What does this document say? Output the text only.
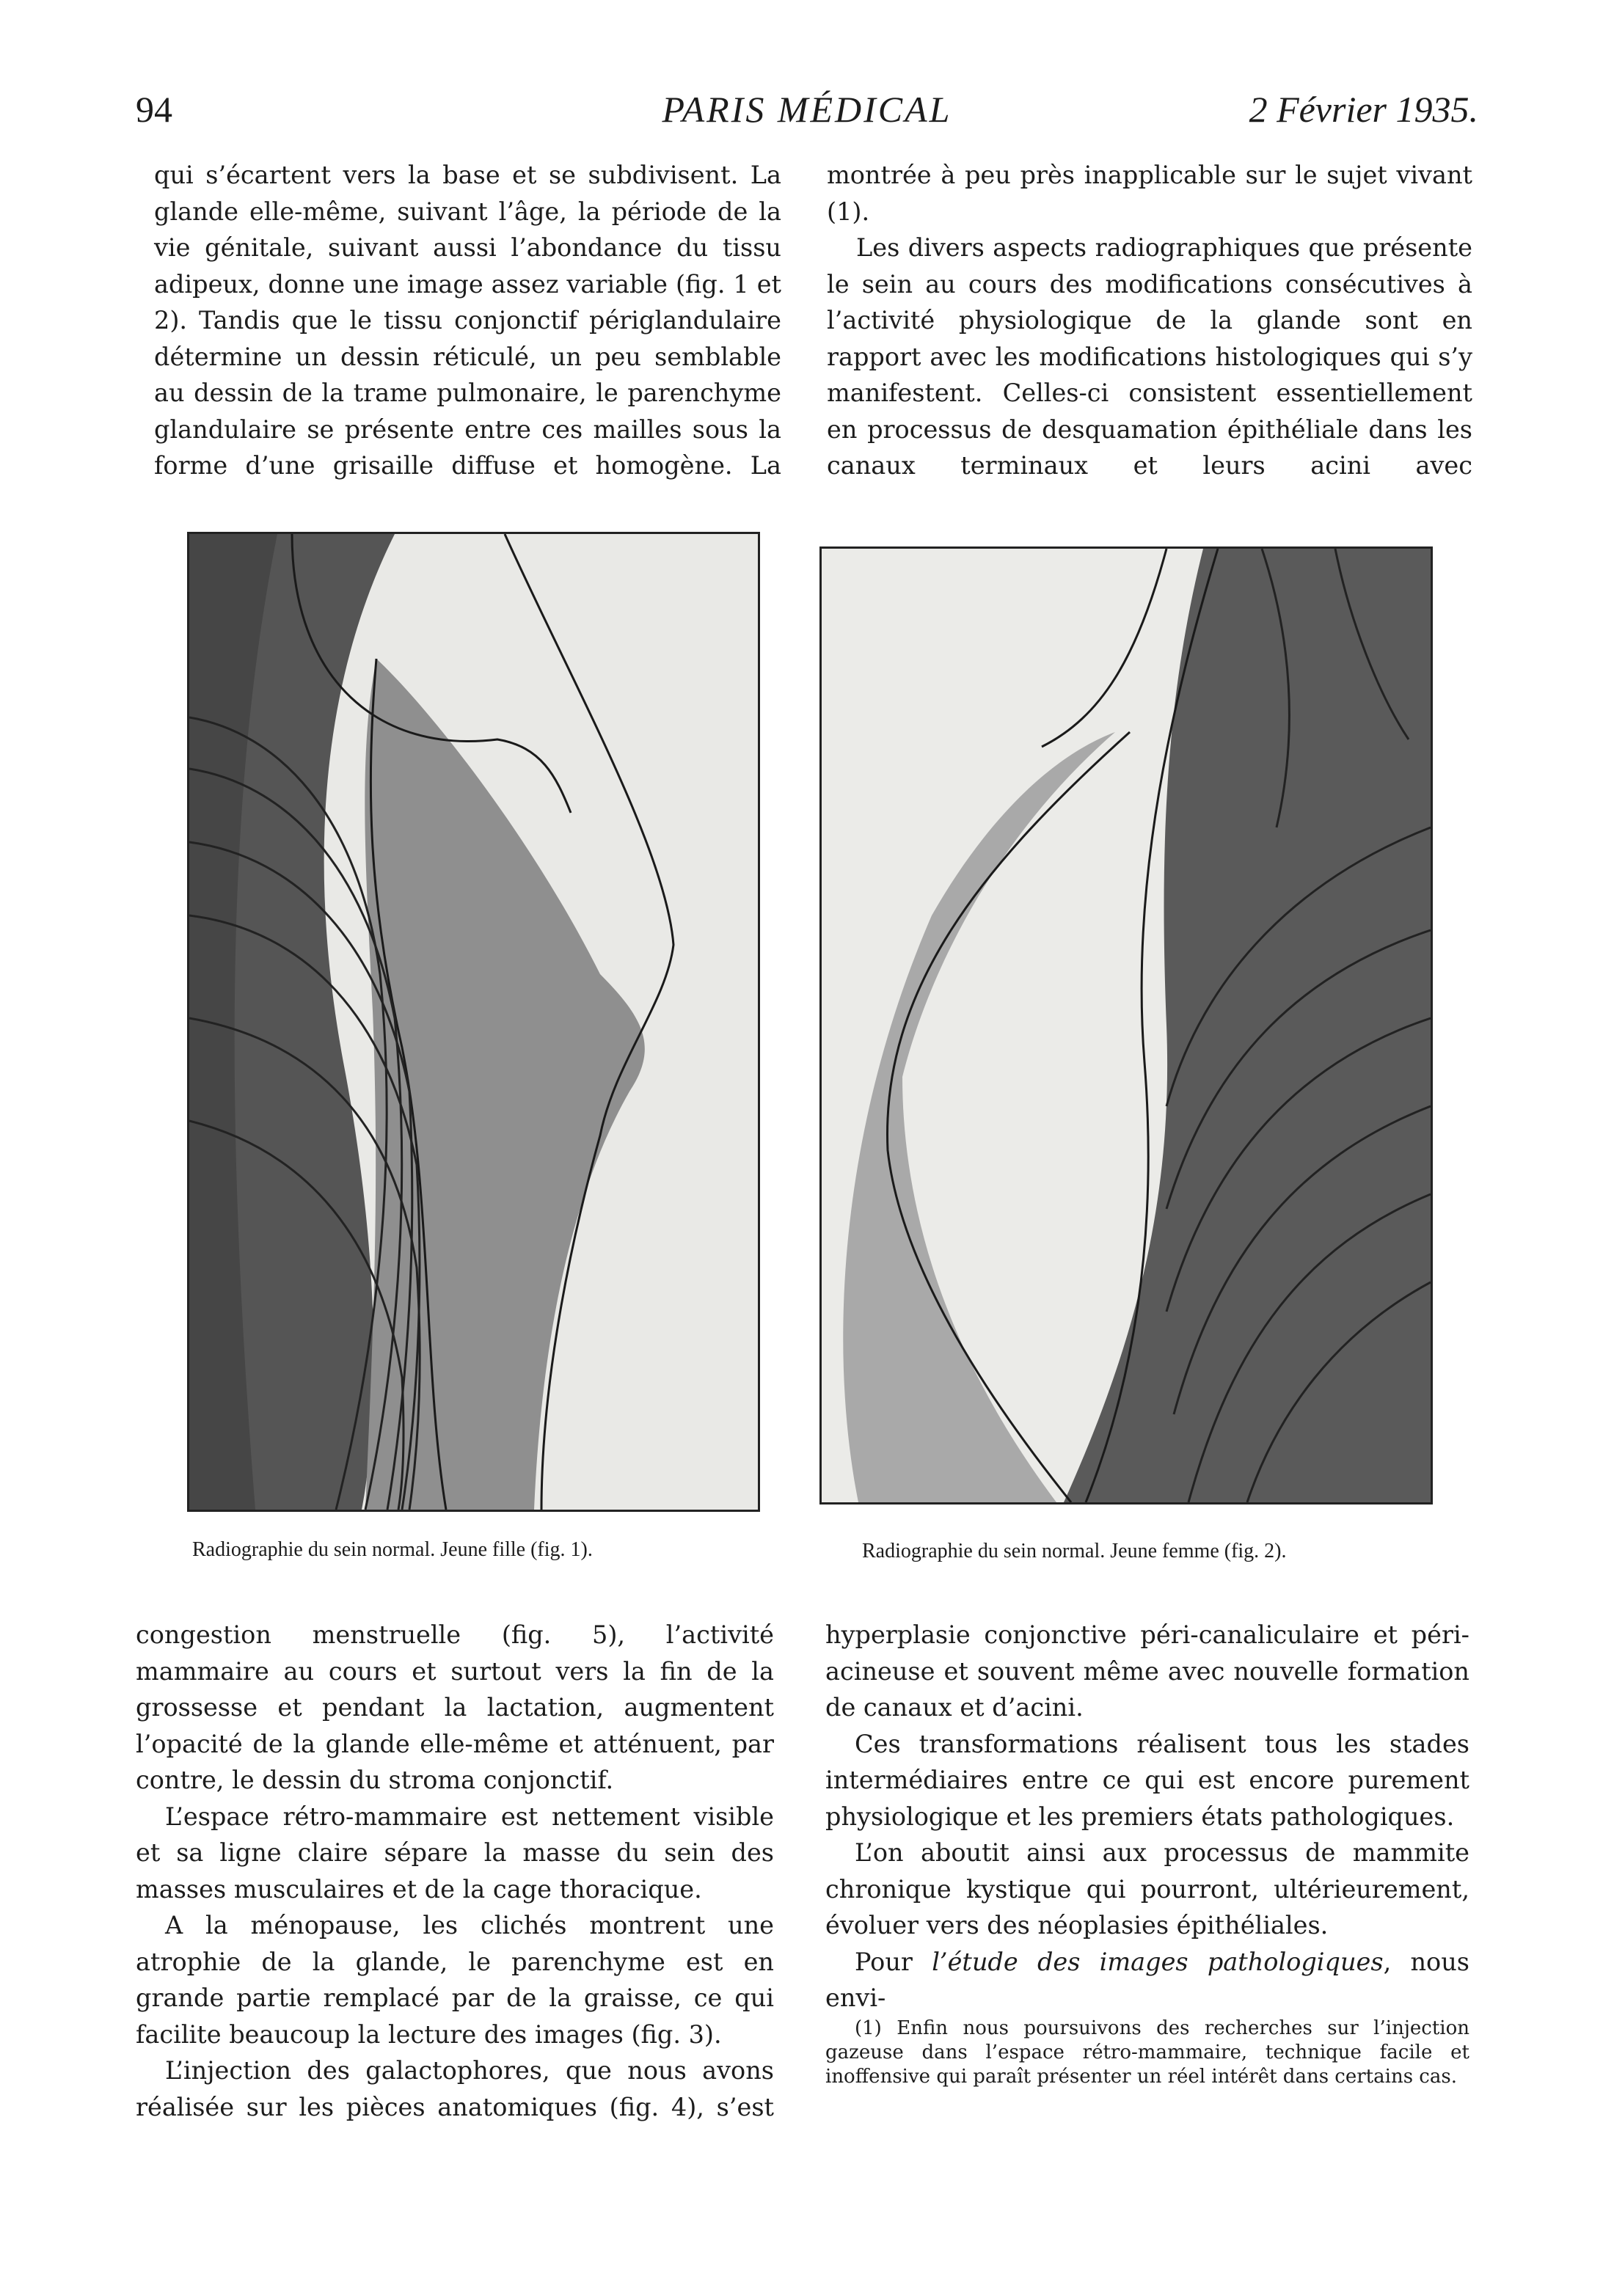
94	PARIS MÉDICAL	2 Février 1935.

qui s’écartent vers la base et se subdivisent. La glande elle-même, suivant l’âge, la période de la vie génitale, suivant aussi l’abondance du tissu adipeux, donne une image assez variable (fig. 1 et 2). Tandis que le tissu conjonctif périglandulaire détermine un dessin réticulé, un peu semblable au dessin de la trame pulmonaire, le parenchyme glandulaire se présente entre ces mailles sous la forme d’une grisaille diffuse et homogène. La

montrée à peu près inapplicable sur le sujet vivant (1).

Les divers aspects radiographiques que présente le sein au cours des modifications consécutives à l’activité physiologique de la glande sont en rapport avec les modifications histologiques qui s’y manifestent. Celles-ci consistent essentiellement en processus de desquamation épithéliale dans les canaux terminaux et leurs acini avec

Radiographie du sein normal. Jeune fille (fig. 1).	Radiographie du sein normal. Jeune femme (fig. 2).

congestion menstruelle (fig. 5), l’activité mammaire au cours et surtout vers la fin de la grossesse et pendant la lactation, augmentent l’opacité de la glande elle-même et atténuent, par contre, le dessin du stroma conjonctif.

L’espace rétro-mammaire est nettement visible et sa ligne claire sépare la masse du sein des masses musculaires et de la cage thoracique.

A la ménopause, les clichés montrent une atrophie de la glande, le parenchyme est en grande partie remplacé par de la graisse, ce qui facilite beaucoup la lecture des images (fig. 3).

L’injection des galactophores, que nous avons réalisée sur les pièces anatomiques (fig. 4), s’est

hyperplasie conjonctive péri-canaliculaire et péri-acineuse et souvent même avec nouvelle formation de canaux et d’acini.

Ces transformations réalisent tous les stades intermédiaires entre ce qui est encore purement physiologique et les premiers états pathologiques.

L’on aboutit ainsi aux processus de mammite chronique kystique qui pourront, ultérieurement, évoluer vers des néoplasies épithéliales.

Pour l’étude des images pathologiques, nous envi-

(1) Enfin nous poursuivons des recherches sur l’injection gazeuse dans l’espace rétro-mammaire, technique facile et inoffensive qui paraît présenter un réel intérêt dans certains cas.
